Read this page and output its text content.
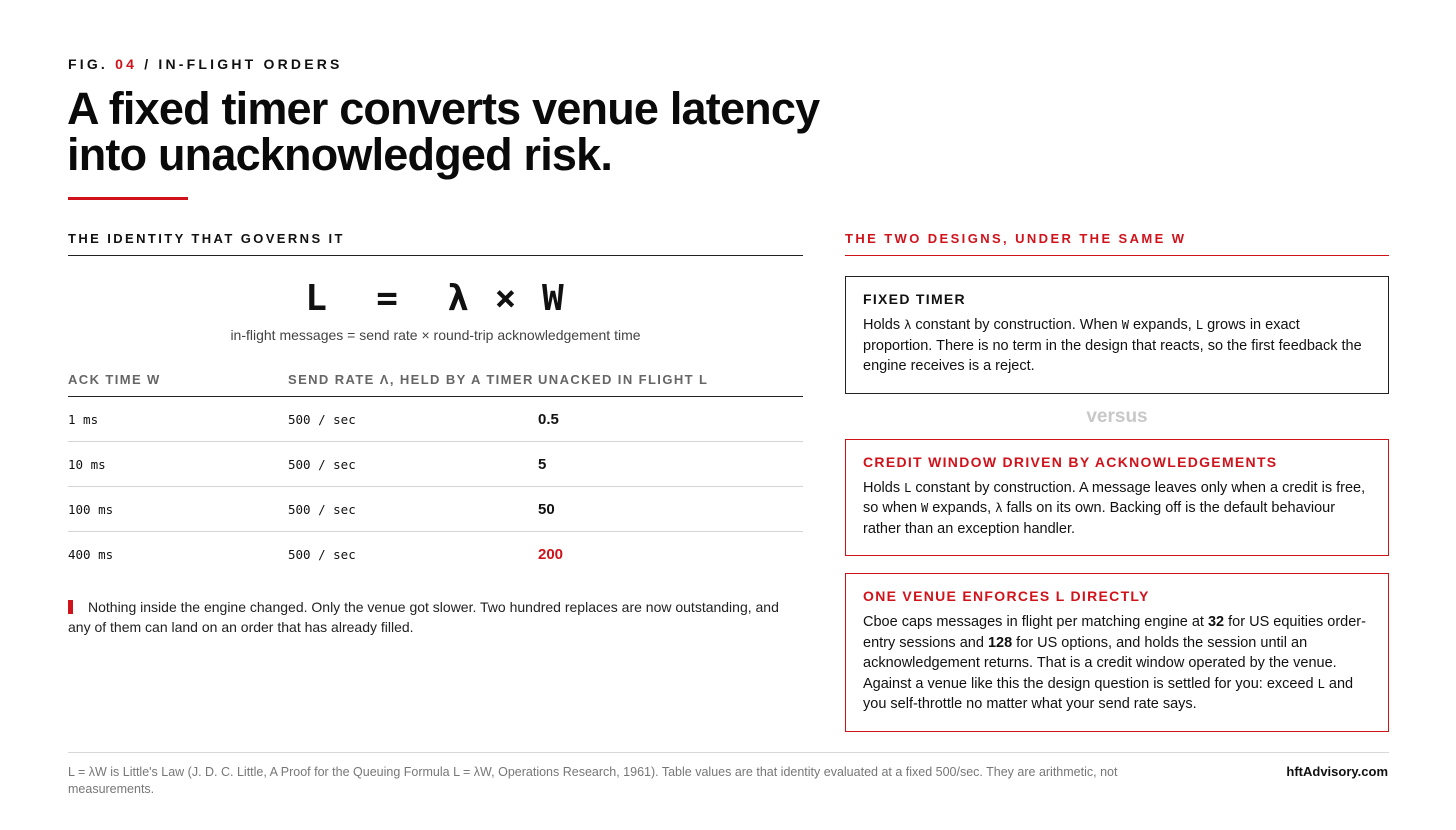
FIG. 04 / IN-FLIGHT ORDERS
A fixed timer converts venue latency
into unacknowledged risk.
THE IDENTITY THAT GOVERNS IT
L  =  λ × W
in-flight messages = send rate × round-trip acknowledgement time
ACK TIME W	SEND RATE Λ, HELD BY A TIMER	UNACKED IN FLIGHT L
1 ms	500 / sec	0.5
10 ms	500 / sec	5
100 ms	500 / sec	50
400 ms	500 / sec	200

Nothing inside the engine changed. Only the venue got slower. Two hundred replaces are now outstanding, and any of them can land on an order that has already filled.

THE TWO DESIGNS, UNDER THE SAME W
FIXED TIMER

Holds λ constant by construction. When W expands, L grows in exact proportion. There is no term in the design that reacts, so the first feedback the engine receives is a reject.

versus
CREDIT WINDOW DRIVEN BY ACKNOWLEDGEMENTS

Holds L constant by construction. A message leaves only when a credit is free, so when W expands, λ falls on its own. Backing off is the default behaviour rather than an exception handler.

ONE VENUE ENFORCES L DIRECTLY

Cboe caps messages in flight per matching engine at 32 for US equities order-entry sessions and 128 for US options, and holds the session until an acknowledgement returns. That is a credit window operated by the venue. Against a venue like this the design question is settled for you: exceed L and you self-throttle no matter what your send rate says.

L = λW is Little's Law (J. D. C. Little, A Proof for the Queuing Formula L = λW, Operations Research, 1961). Table values are that identity evaluated at a fixed 500/sec. They are arithmetic, not measurements.

hftAdvisory.com
